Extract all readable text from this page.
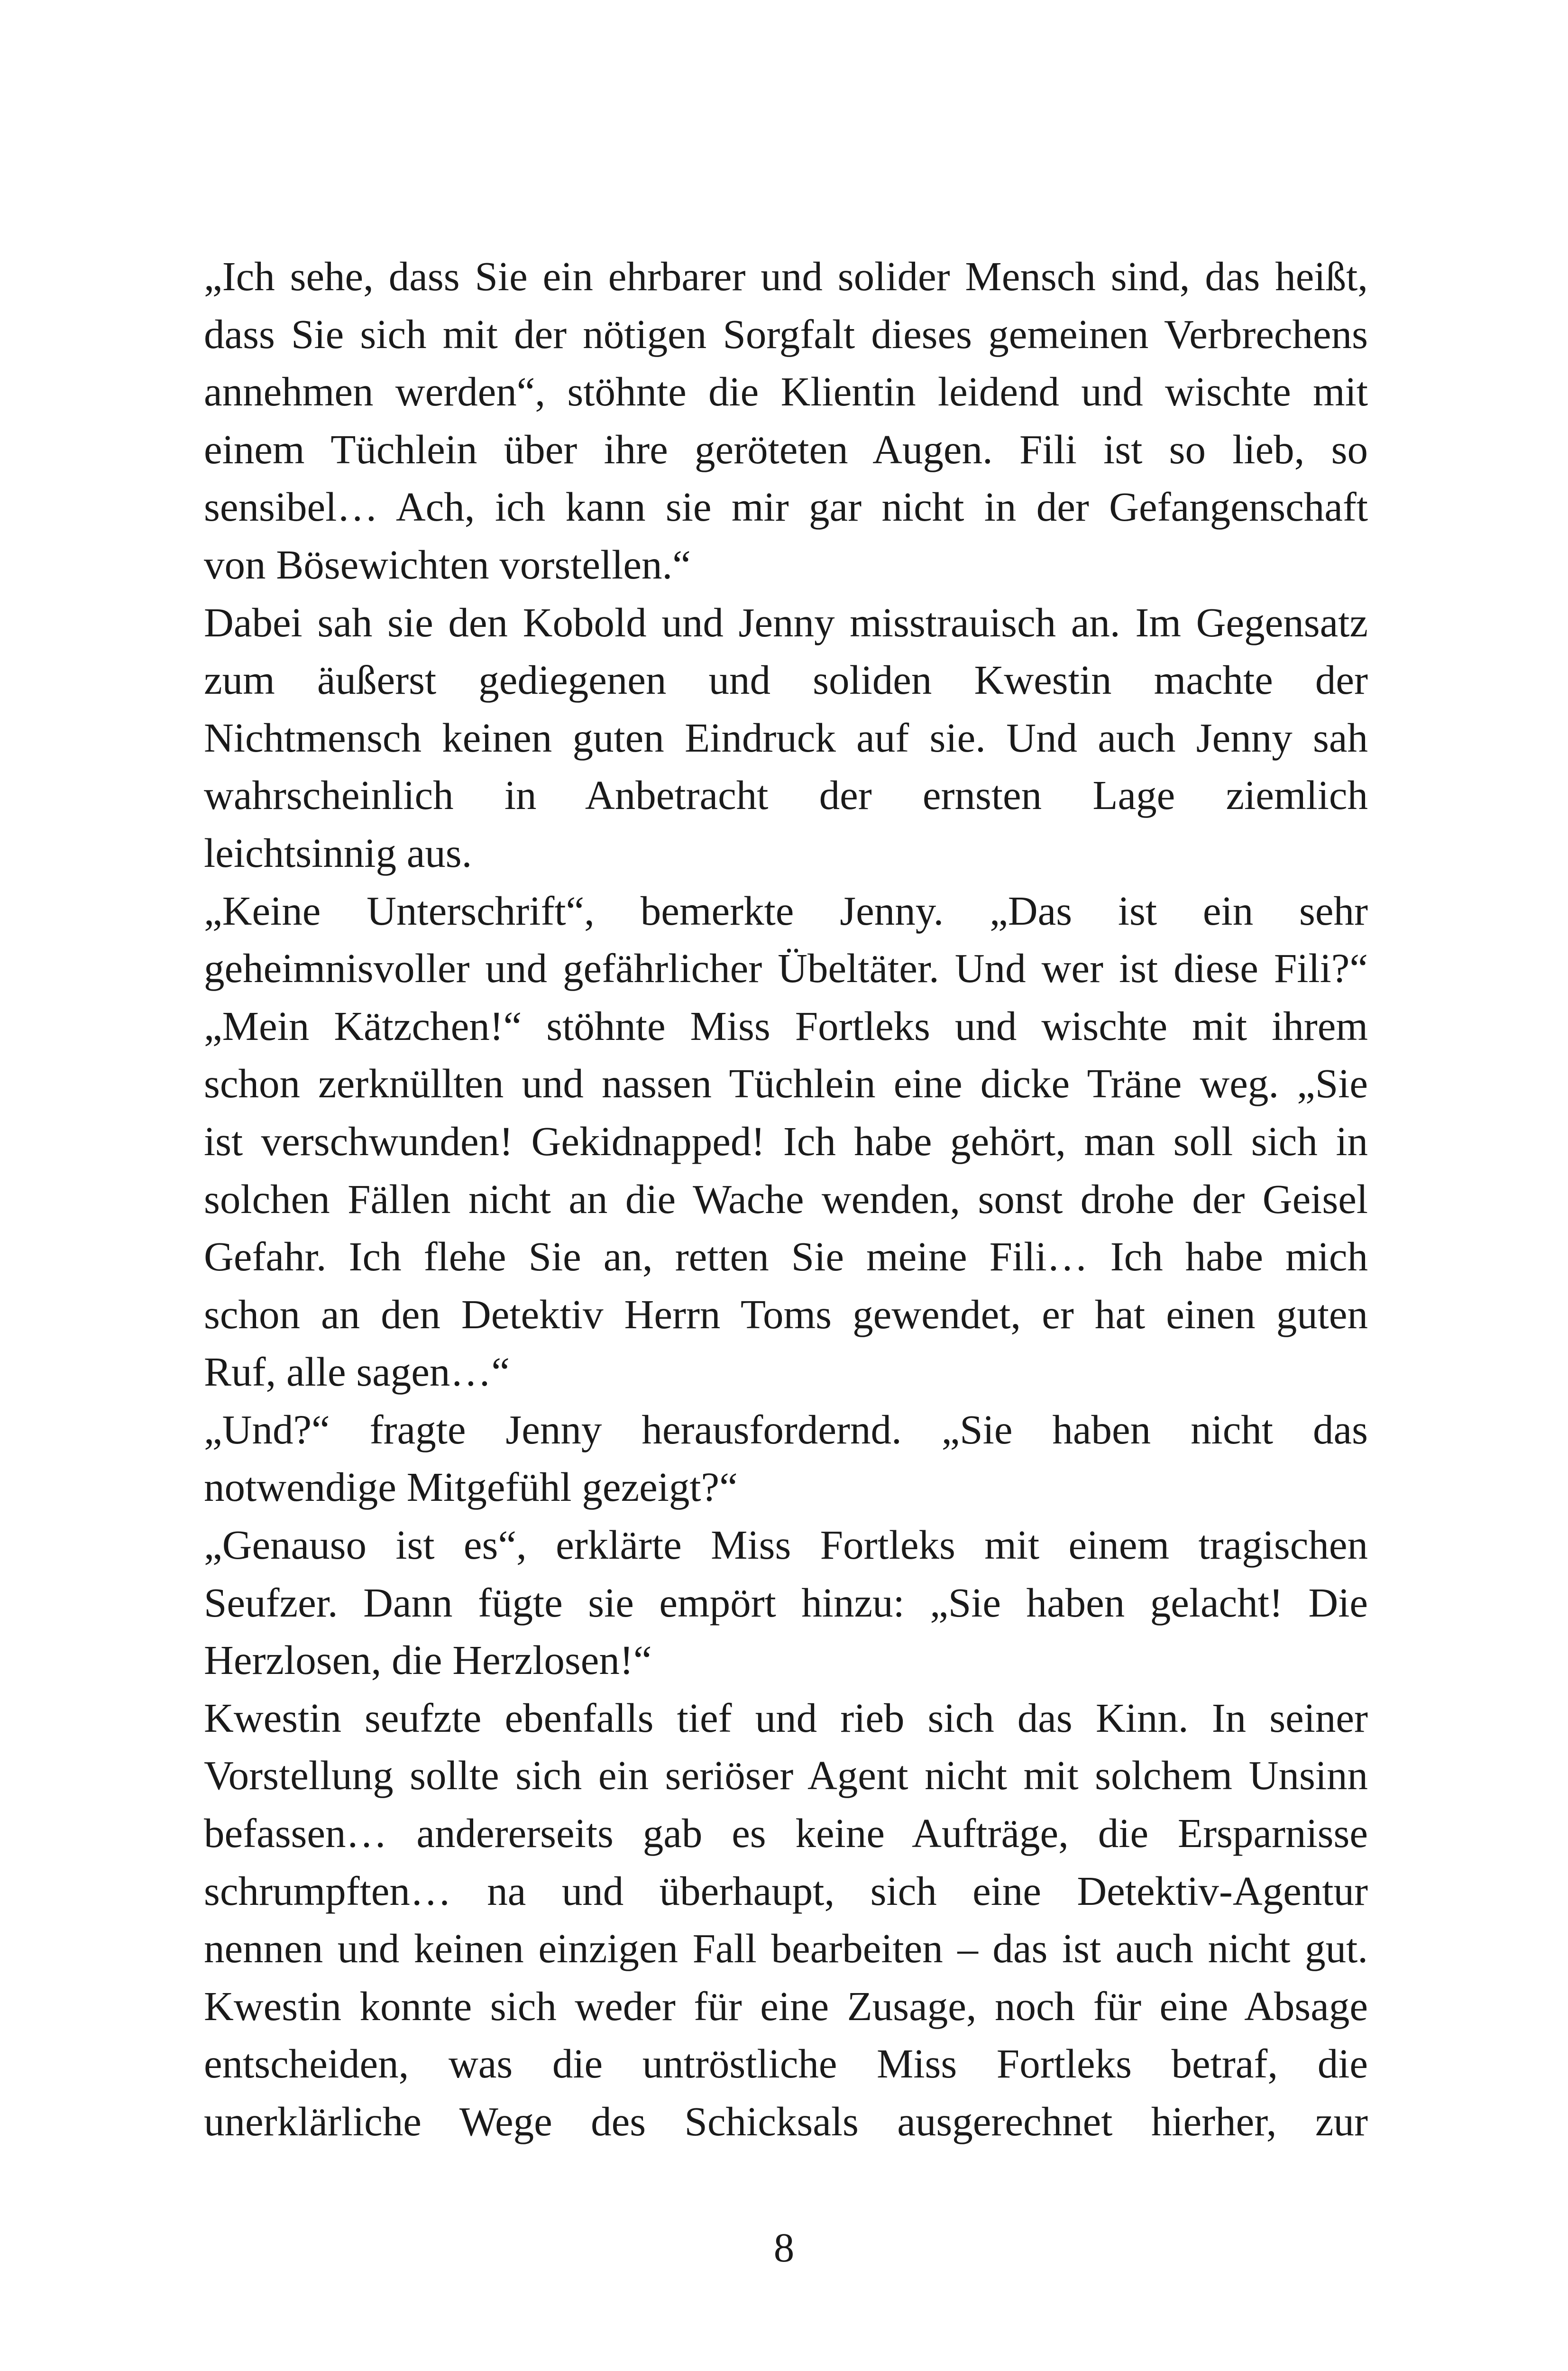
„Ich sehe, dass Sie ein ehrbarer und solider Mensch sind, das heißt,
dass Sie sich mit der nötigen Sorgfalt dieses gemeinen Verbrechens
annehmen werden“, stöhnte die Klientin leidend und wischte mit
einem Tüchlein über ihre geröteten Augen. Fili ist so lieb, so
sensibel… Ach, ich kann sie mir gar nicht in der Gefangenschaft
von Bösewichten vorstellen.“
Dabei sah sie den Kobold und Jenny misstrauisch an. Im Gegensatz
zum äußerst gediegenen und soliden Kwestin machte der
Nichtmensch keinen guten Eindruck auf sie. Und auch Jenny sah
wahrscheinlich in Anbetracht der ernsten Lage ziemlich
leichtsinnig aus.
„Keine Unterschrift“, bemerkte Jenny. „Das ist ein sehr
geheimnisvoller und gefährlicher Übeltäter. Und wer ist diese Fili?“
„Mein Kätzchen!“ stöhnte Miss Fortleks und wischte mit ihrem
schon zerknüllten und nassen Tüchlein eine dicke Träne weg. „Sie
ist verschwunden! Gekidnapped! Ich habe gehört, man soll sich in
solchen Fällen nicht an die Wache wenden, sonst drohe der Geisel
Gefahr. Ich flehe Sie an, retten Sie meine Fili… Ich habe mich
schon an den Detektiv Herrn Toms gewendet, er hat einen guten
Ruf, alle sagen…“
„Und?“ fragte Jenny herausfordernd. „Sie haben nicht das
notwendige Mitgefühl gezeigt?“
„Genauso ist es“, erklärte Miss Fortleks mit einem tragischen
Seufzer. Dann fügte sie empört hinzu: „Sie haben gelacht! Die
Herzlosen, die Herzlosen!“
Kwestin seufzte ebenfalls tief und rieb sich das Kinn. In seiner
Vorstellung sollte sich ein seriöser Agent nicht mit solchem Unsinn
befassen… andererseits gab es keine Aufträge, die Ersparnisse
schrumpften… na und überhaupt, sich eine Detektiv-Agentur
nennen und keinen einzigen Fall bearbeiten – das ist auch nicht gut.
Kwestin konnte sich weder für eine Zusage, noch für eine Absage
entscheiden, was die untröstliche Miss Fortleks betraf, die
unerklärliche Wege des Schicksals ausgerechnet hierher, zur
8
